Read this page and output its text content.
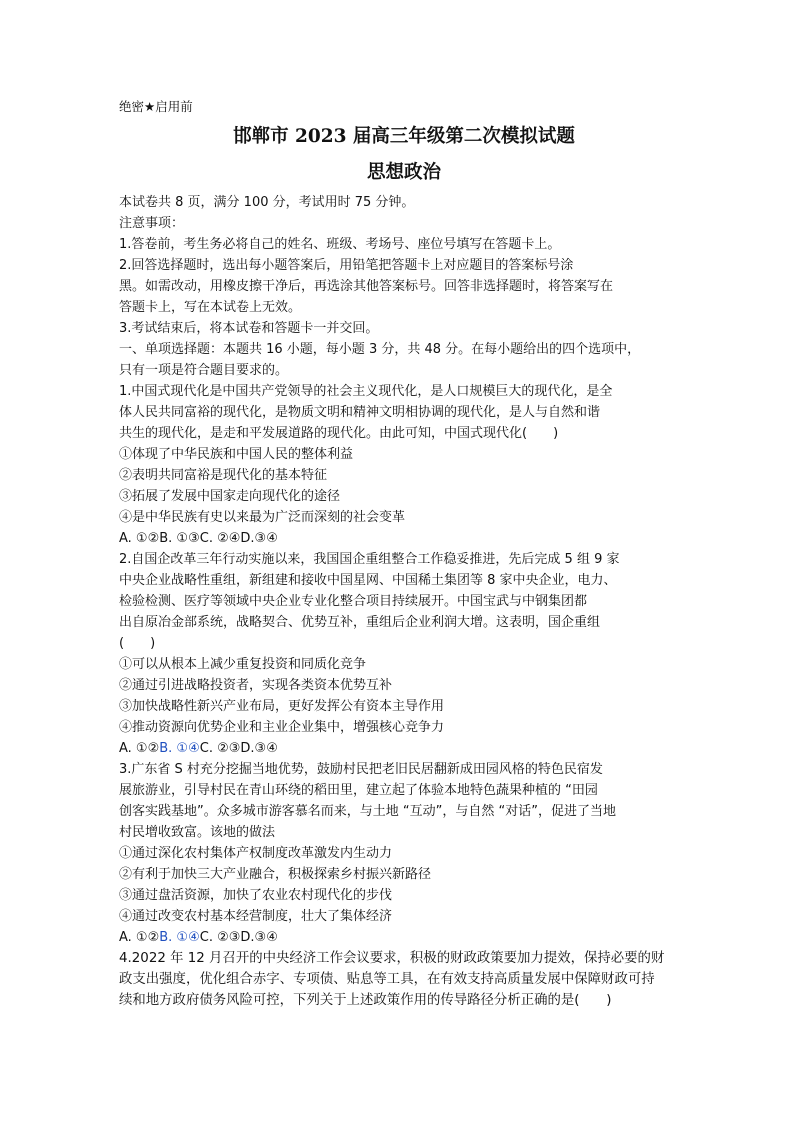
绝密★启用前
邯郸市 2023 届高三年级第二次模拟试题
思想政治
本试卷共 8 页，满分 100 分，考试用时 75 分钟。
注意事项：
1.答卷前，考生务必将自己的姓名、班级、考场号、座位号填写在答题卡上。
2.回答选择题时，选出每小题答案后，用铅笔把答题卡上对应题目的答案标号涂
黑。如需改动，用橡皮擦干净后，再选涂其他答案标号。回答非选择题时，将答案写在
答题卡上，写在本试卷上无效。
3.考试结束后，将本试卷和答题卡一并交回。
一、单项选择题：本题共 16 小题，每小题 3 分，共 48 分。在每小题给出的四个选项中，
只有一项是符合题目要求的。
1.中国式现代化是中国共产党领导的社会主义现代化，是人口规模巨大的现代化，是全
体人民共同富裕的现代化，是物质文明和精神文明相协调的现代化，是人与自然和谐
共生的现代化，是走和平发展道路的现代化。由此可知，中国式现代化(　　)
①体现了中华民族和中国人民的整体利益
②表明共同富裕是现代化的基本特征
③拓展了发展中国家走向现代化的途径
④是中华民族有史以来最为广泛而深刻的社会变革
A. ①②B. ①③C. ②④D.③④
2.自国企改革三年行动实施以来，我国国企重组整合工作稳妥推进，先后完成 5 组 9 家
中央企业战略性重组，新组建和接收中国星网、中国稀土集团等 8 家中央企业，电力、
检验检测、医疗等领域中央企业专业化整合项目持续展开。中国宝武与中钢集团都
出自原冶金部系统，战略契合、优势互补，重组后企业利润大增。这表明，国企重组
(　　)
①可以从根本上减少重复投资和同质化竞争
②通过引进战略投资者，实现各类资本优势互补
③加快战略性新兴产业布局，更好发挥公有资本主导作用
④推动资源向优势企业和主业企业集中，增强核心竞争力
A. ①②B. ①④C. ②③D.③④
3.广东省 S 村充分挖掘当地优势，鼓励村民把老旧民居翻新成田园风格的特色民宿发
展旅游业，引导村民在青山环绕的稻田里，建立起了体验本地特色蔬果种植的 “田园
创客实践基地”。众多城市游客慕名而来，与土地 “互动”，与自然 “对话”，促进了当地
村民增收致富。该地的做法
①通过深化农村集体产权制度改革激发内生动力
②有利于加快三大产业融合，积极探索乡村振兴新路径
③通过盘活资源，加快了农业农村现代化的步伐
④通过改变农村基本经营制度，壮大了集体经济
A. ①②B. ①④C. ②③D.③④
4.2022 年 12 月召开的中央经济工作会议要求，积极的财政政策要加力提效，保持必要的财
政支出强度，优化组合赤字、专项债、贴息等工具，在有效支持高质量发展中保障财政可持
续和地方政府债务风险可控，下列关于上述政策作用的传导路径分析正确的是(　　)
